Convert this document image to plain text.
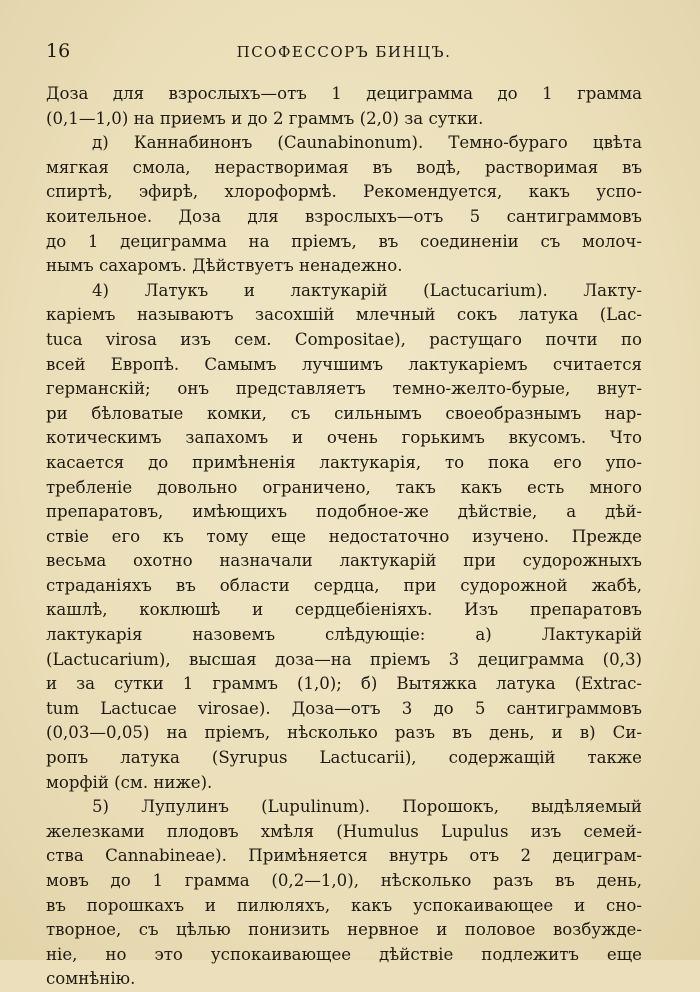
16	ПСОФЕССОРЪ БИНЦЪ.
Доза для взрослыхъ—отъ 1 дециграмма до 1 грамма
(0,1—1,0) на приемъ и до 2 граммъ (2,0) за сутки.
д) Каннабинонъ (Саunabinonum). Темно-бураго цвѣта
мягкая смола, нерастворимая въ водѣ, растворимая въ
спиртѣ, эфирѣ, хлороформѣ. Рекомендуется, какъ успо-
коительное. Доза для взрослыхъ—отъ 5 сантиграммовъ
до 1 дециграмма на пріемъ, въ соединеніи съ молоч-
нымъ сахаромъ. Дѣйствуетъ ненадежно.
4) Латукъ и лактукарій (Lactucarium). Лакту-
каріемъ называютъ засохшій млечный сокъ латука (Lac-
tuca virosa изъ сем. Compositae), растущаго почти по
всей Европѣ. Самымъ лучшимъ лактукаріемъ считается
германскій; онъ представляетъ темно-желто-бурые, внут-
ри бѣловатые комки, съ сильнымъ своеобразнымъ нар-
котическимъ запахомъ и очень горькимъ вкусомъ. Что
касается до примѣненія лактукарія, то пока его упо-
требленіе довольно ограничено, такъ какъ есть много
препаратовъ, имѣющихъ подобное-же дѣйствіе, а дѣй-
ствіе его къ тому еще недостаточно изучено. Прежде
весьма охотно назначали лактукарій при судорожныхъ
страданіяхъ въ области сердца, при судорожной жабѣ,
кашлѣ, коклюшѣ и сердцебіеніяхъ. Изъ препаратовъ
лактукарія назовемъ слѣдующіе: а) Лактукарій
(Lactucarium), высшая доза—на пріемъ 3 дециграмма (0,3)
и за сутки 1 граммъ (1,0); б) Вытяжка латука (Extrac-
tum Lactucae virosae). Доза—отъ 3 до 5 сантиграммовъ
(0,03—0,05) на пріемъ, нѣсколько разъ въ день, и в) Си-
ропъ латука (Syrupus Lactucarii), содержащій также
морфій (см. ниже).
5) Лупулинъ (Lupulinum). Порошокъ, выдѣляемый
железками плодовъ хмѣля (Humulus Lupulus изъ семей-
ства Cannabineae). Примѣняется внутрь отъ 2 дециграм-
мовъ до 1 грамма (0,2—1,0), нѣсколько разъ въ день,
въ порошкахъ и пилюляхъ, какъ успокаивающее и сно-
творное, съ цѣлью понизить нервное и половое возбужде-
ніе, но это успокаивающее дѣйствіе подлежитъ еще
сомнѣнію.
